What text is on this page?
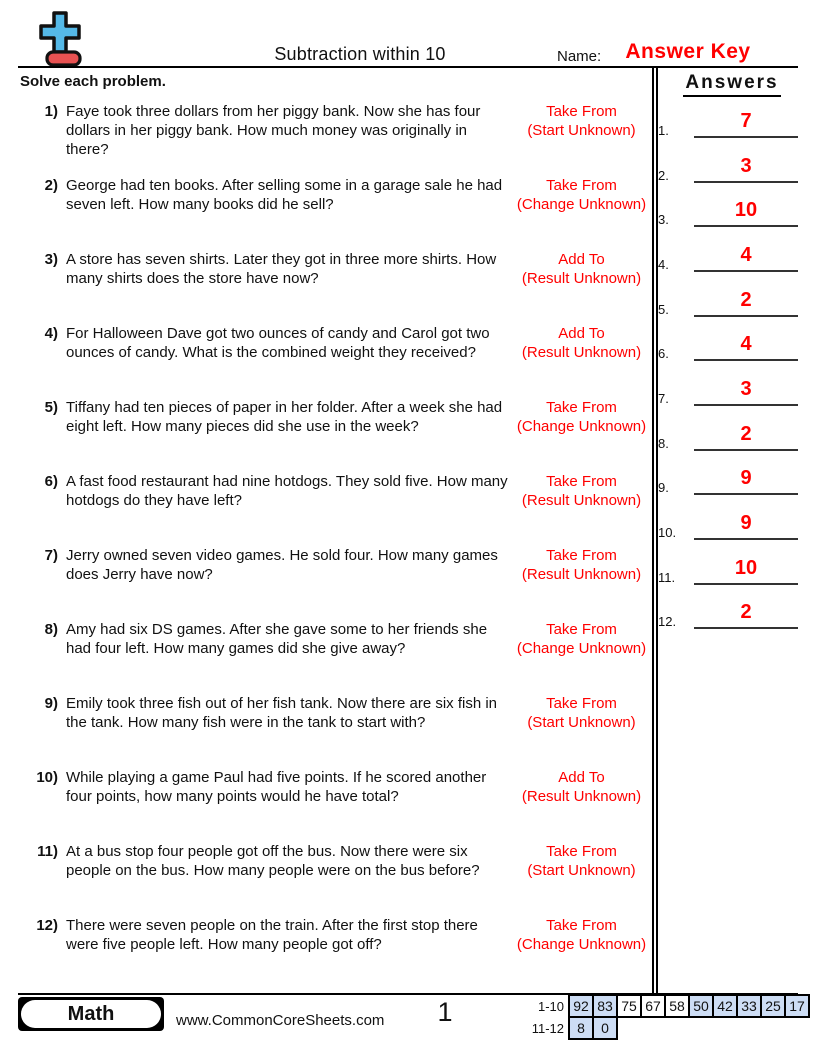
Subtraction within 10	Name:	Answer Key
Solve each problem.	Answers
1.	7
2.	3
3.	10
4.	4
5.	2
6.	4
7.	3
8.	2
9.	9
10.	9
11.	10
12.	2
1) Faye took three dollars from her piggy bank. Now she has four dollars in her piggy bank. How much money was originally in there?
Take From
(Start Unknown)
2) George had ten books. After selling some in a garage sale he had seven left. How many books did he sell?
Take From
(Change Unknown)
3) A store has seven shirts. Later they got in three more shirts. How many shirts does the store have now?
Add To
(Result Unknown)
4) For Halloween Dave got two ounces of candy and Carol got two ounces of candy. What is the combined weight they received?
Add To
(Result Unknown)
5) Tiffany had ten pieces of paper in her folder. After a week she had eight left. How many pieces did she use in the week?
Take From
(Change Unknown)
6) A fast food restaurant had nine hotdogs. They sold five. How many hotdogs do they have left?
Take From
(Result Unknown)
7) Jerry owned seven video games. He sold four. How many games does Jerry have now?
Take From
(Result Unknown)
8) Amy had six DS games. After she gave some to her friends she had four left. How many games did she give away?
Take From
(Change Unknown)
9) Emily took three fish out of her fish tank. Now there are six fish in the tank. How many fish were in the tank to start with?
Take From
(Start Unknown)
10) While playing a game Paul had five points. If he scored another four points, how many points would he have total?
Add To
(Result Unknown)
11) At a bus stop four people got off the bus. Now there were six people on the bus. How many people were on the bus before?
Take From
(Start Unknown)
12) There were seven people on the train. After the first stop there were five people left. How many people got off?
Take From
(Change Unknown)
Math	www.CommonCoreSheets.com	1	1-10	92	83	75	67	58	50	42	33	25	17
11-12	8	0								
